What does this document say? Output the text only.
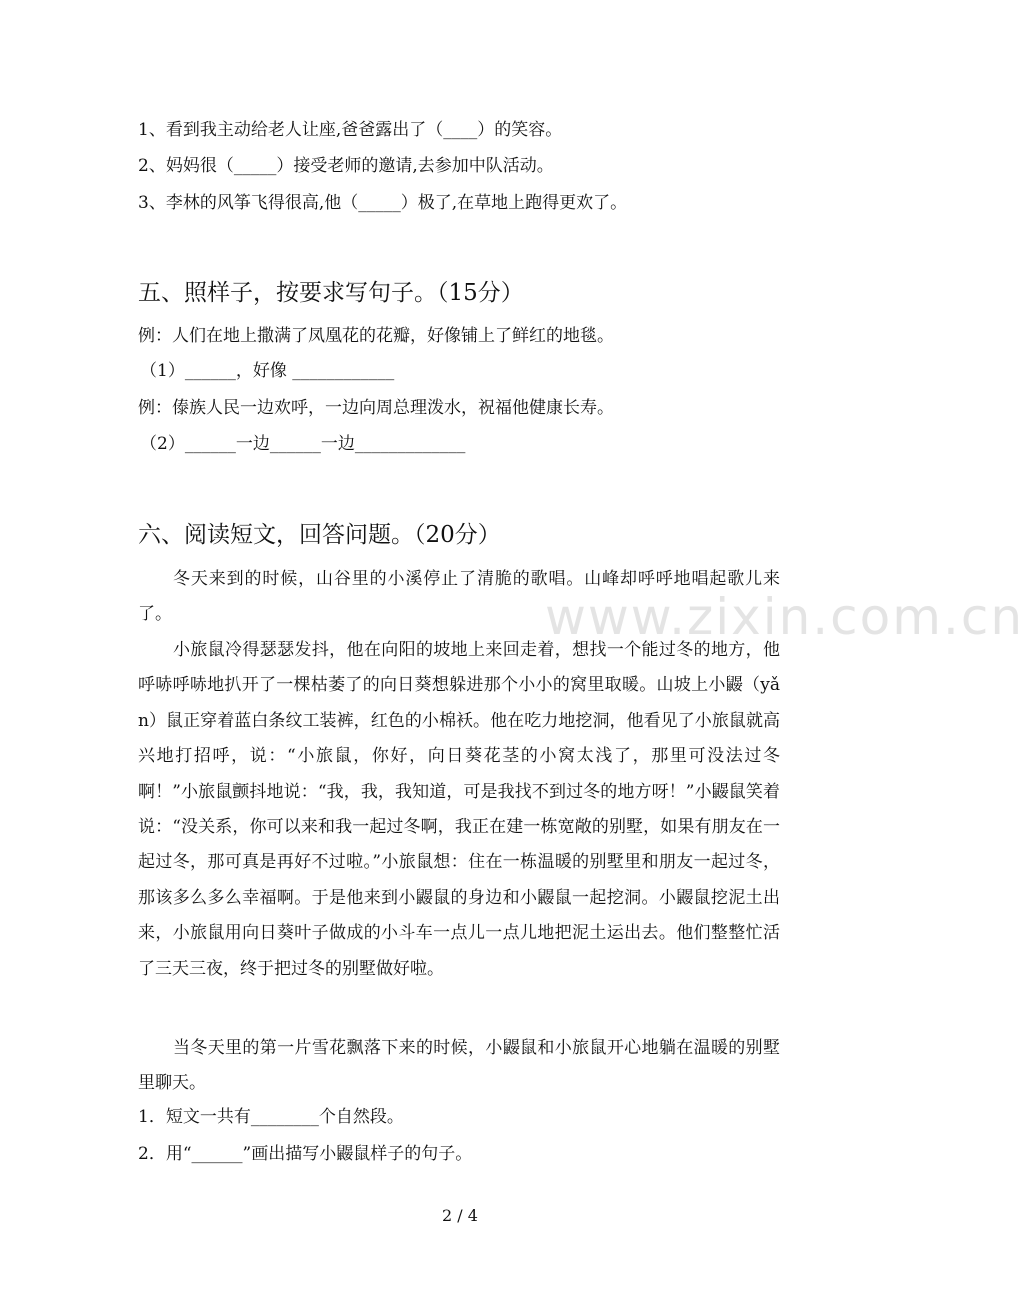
www.zixin.com.cn
1、看到我主动给老人让座,爸爸露出了（____）的笑容。
2、妈妈很（_____）接受老师的邀请,去参加中队活动。
3、李林的风筝飞得很高,他（_____）极了,在草地上跑得更欢了。
五、照样子，按要求写句子。（15分）
例：人们在地上撒满了凤凰花的花瓣，好像铺上了鲜红的地毯。
（1）______，好像 ____________
例：傣族人民一边欢呼，一边向周总理泼水，祝福他健康长寿。
（2）______一边______一边_____________
六、阅读短文，回答问题。（20分）
冬天来到的时候，山谷里的小溪停止了清脆的歌唱。山峰却呼呼地唱起歌儿来了。
小旅鼠冷得瑟瑟发抖，他在向阳的坡地上来回走着，想找一个能过冬的地方，他呼哧呼哧地扒开了一棵枯萎了的向日葵想躲进那个小小的窝里取暖。山坡上小鼹（yǎn）鼠正穿着蓝白条纹工装裤，红色的小棉袄。他在吃力地挖洞，他看见了小旅鼠就高兴地打招呼，说：“小旅鼠，你好，向日葵花茎的小窝太浅了，那里可没法过冬啊！”小旅鼠颤抖地说：“我，我，我知道，可是我找不到过冬的地方呀！”小鼹鼠笑着说：“没关系，你可以来和我一起过冬啊，我正在建一栋宽敞的别墅，如果有朋友在一起过冬，那可真是再好不过啦。”小旅鼠想：住在一栋温暖的别墅里和朋友一起过冬，那该多么多么幸福啊。于是他来到小鼹鼠的身边和小鼹鼠一起挖洞。小鼹鼠挖泥土出来，小旅鼠用向日葵叶子做成的小斗车一点儿一点儿地把泥土运出去。他们整整忙活了三天三夜，终于把过冬的别墅做好啦。
当冬天里的第一片雪花飘落下来的时候，小鼹鼠和小旅鼠开心地躺在温暖的别墅里聊天。
1．短文一共有________个自然段。
2．用“______”画出描写小鼹鼠样子的句子。
2 / 4
